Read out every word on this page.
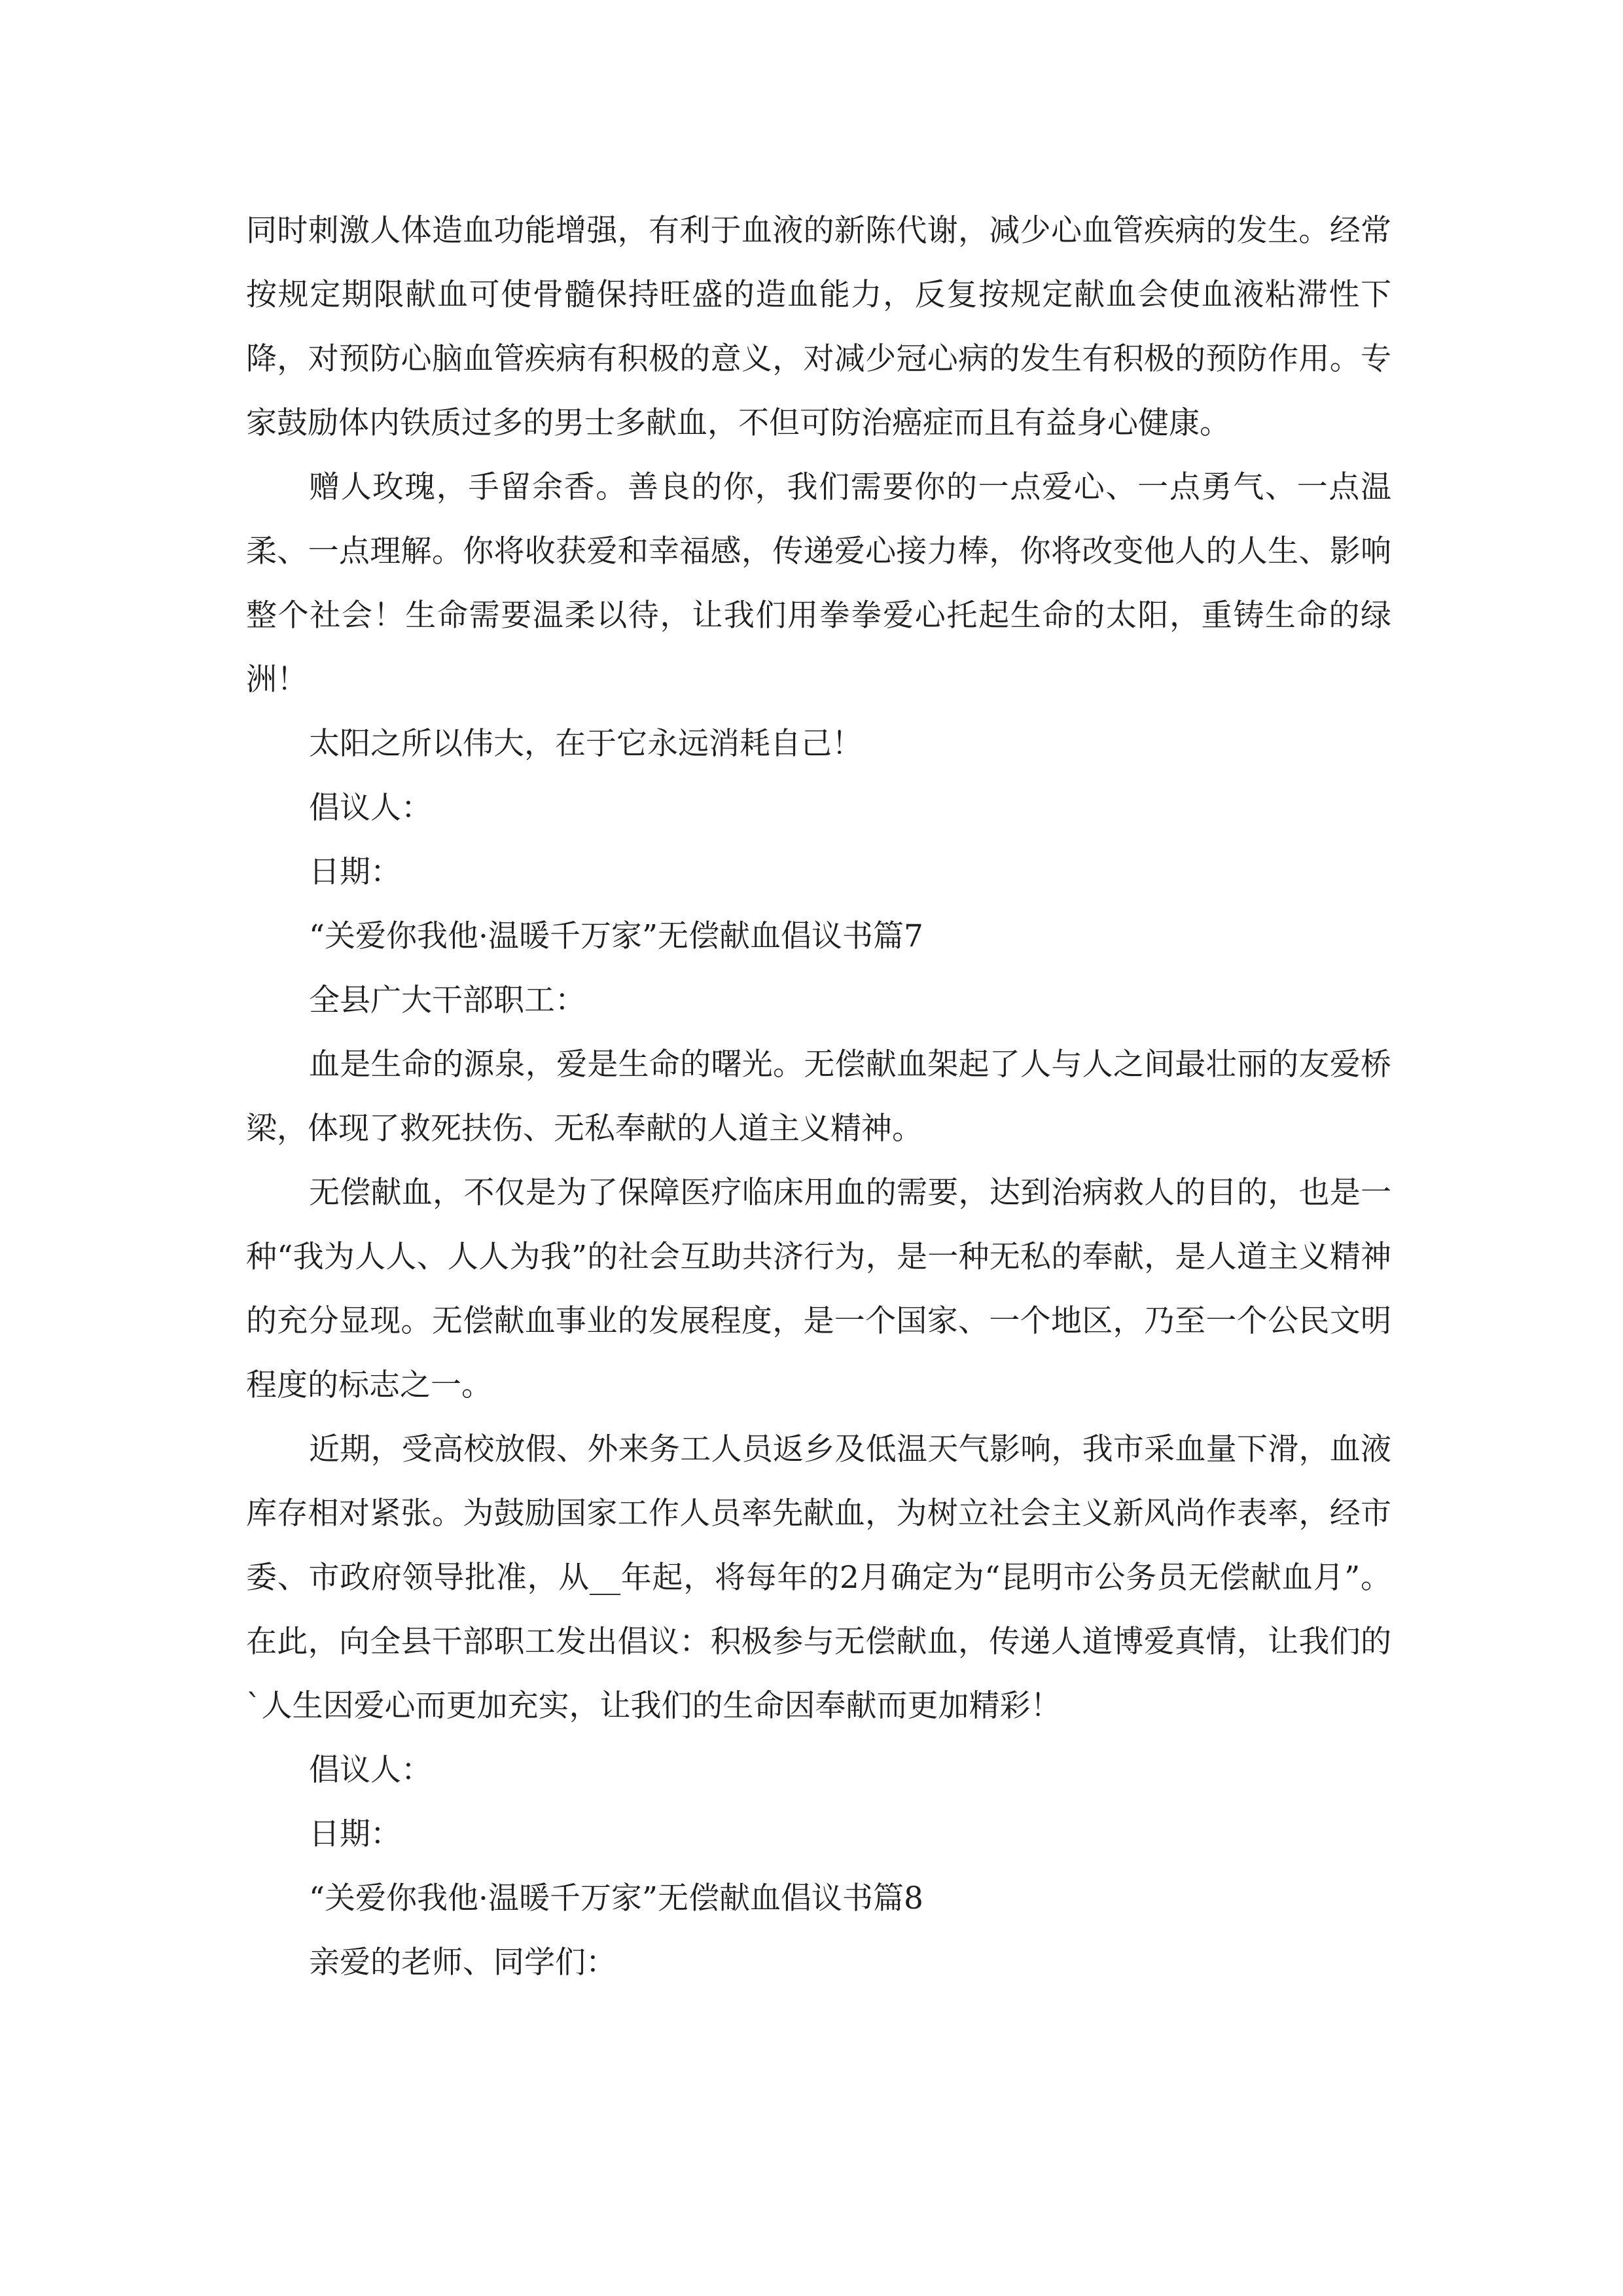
同时刺激人体造血功能增强，有利于血液的新陈代谢，减少心血管疾病的发生。经常按规定期限献血可使骨髓保持旺盛的造血能力，反复按规定献血会使血液粘滞性下降，对预防心脑血管疾病有积极的意义，对减少冠心病的发生有积极的预防作用。专家鼓励体内铁质过多的男士多献血，不但可防治癌症而且有益身心健康。

赠人玫瑰，手留余香。善良的你，我们需要你的一点爱心、一点勇气、一点温柔、一点理解。你将收获爱和幸福感，传递爱心接力棒，你将改变他人的人生、影响整个社会！生命需要温柔以待，让我们用拳拳爱心托起生命的太阳，重铸生命的绿洲！

太阳之所以伟大，在于它永远消耗自己！

倡议人：

日期：

“关爱你我他·温暖千万家”无偿献血倡议书篇7

全县广大干部职工：

血是生命的源泉，爱是生命的曙光。无偿献血架起了人与人之间最壮丽的友爱桥梁，体现了救死扶伤、无私奉献的人道主义精神。

无偿献血，不仅是为了保障医疗临床用血的需要，达到治病救人的目的，也是一种“我为人人、人人为我”的社会互助共济行为，是一种无私的奉献，是人道主义精神的充分显现。无偿献血事业的发展程度，是一个国家、一个地区，乃至一个公民文明程度的标志之一。

近期，受高校放假、外来务工人员返乡及低温天气影响，我市采血量下滑，血液库存相对紧张。为鼓励国家工作人员率先献血，为树立社会主义新风尚作表率，经市委、市政府领导批准，从__年起，将每年的2月确定为“昆明市公务员无偿献血月”。在此，向全县干部职工发出倡议：积极参与无偿献血，传递人道博爱真情，让我们的`人生因爱心而更加充实，让我们的生命因奉献而更加精彩！

倡议人：

日期：

“关爱你我他·温暖千万家”无偿献血倡议书篇8

亲爱的老师、同学们：
